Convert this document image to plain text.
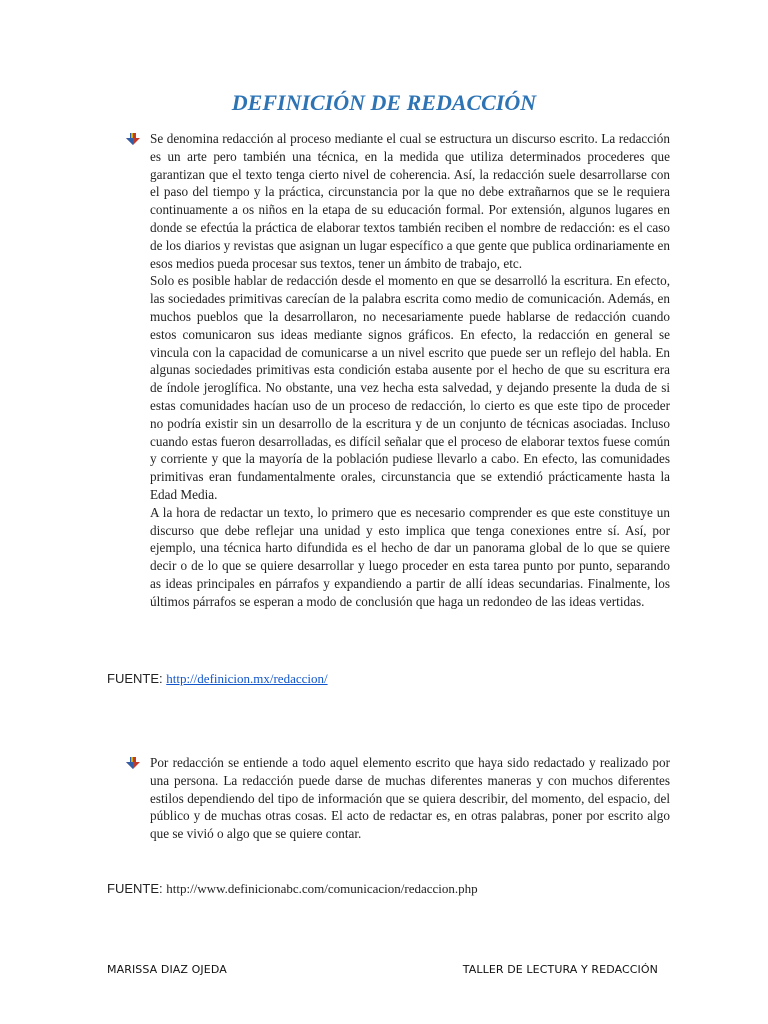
DEFINICIÓN DE REDACCIÓN

Se denomina redacción al proceso mediante el cual se estructura un discurso escrito. La redacción es un arte pero también una técnica, en la medida que utiliza determinados procederes que garantizan que el texto tenga cierto nivel de coherencia. Así, la redacción suele desarrollarse con el paso del tiempo y la práctica, circunstancia por la que no debe extrañarnos que se le requiera continuamente a os niños en la etapa de su educación formal. Por extensión, algunos lugares en donde se efectúa la práctica de elaborar textos también reciben el nombre de redacción: es el caso de los diarios y revistas que asignan un lugar específico a que gente que publica ordinariamente en esos medios pueda procesar sus textos, tener un ámbito de trabajo, etc.

Solo es posible hablar de redacción desde el momento en que se desarrolló la escritura. En efecto, las sociedades primitivas carecían de la palabra escrita como medio de comunicación. Además, en muchos pueblos que la desarrollaron, no necesariamente puede hablarse de redacción cuando estos comunicaron sus ideas mediante signos gráficos. En efecto, la redacción en general se vincula con la capacidad de comunicarse a un nivel escrito que puede ser un reflejo del habla. En algunas sociedades primitivas esta condición estaba ausente por el hecho de que su escritura era de índole jeroglífica. No obstante, una vez hecha esta salvedad, y dejando presente la duda de si estas comunidades hacían uso de un proceso de redacción, lo cierto es que este tipo de proceder no podría existir sin un desarrollo de la escritura y de un conjunto de técnicas asociadas. Incluso cuando estas fueron desarrolladas, es difícil señalar que el proceso de elaborar textos fuese común y corriente y que la mayoría de la población pudiese llevarlo a cabo. En efecto, las comunidades primitivas eran fundamentalmente orales, circunstancia que se extendió prácticamente hasta la Edad Media.

A la hora de redactar un texto, lo primero que es necesario comprender es que este constituye un discurso que debe reflejar una unidad y esto implica que tenga conexiones entre sí. Así, por ejemplo, una técnica harto difundida es el hecho de dar un panorama global de lo que se quiere decir o de lo que se quiere desarrollar y luego proceder en esta tarea punto por punto, separando as ideas principales en párrafos y expandiendo a partir de allí ideas secundarias. Finalmente, los últimos párrafos se esperan a modo de conclusión que haga un redondeo de las ideas vertidas.

FUENTE: http://definicion.mx/redaccion/

Por redacción se entiende a todo aquel elemento escrito que haya sido redactado y realizado por una persona. La redacción puede darse de muchas diferentes maneras y con muchos diferentes estilos dependiendo del tipo de información que se quiera describir, del momento, del espacio, del público y de muchas otras cosas. El acto de redactar es, en otras palabras, poner por escrito algo que se vivió o algo que se quiere contar.

FUENTE: http://www.definicionabc.com/comunicacion/redaccion.php
MARISSA DIAZ OJEDA	TALLER DE LECTURA Y REDACCIÓN
